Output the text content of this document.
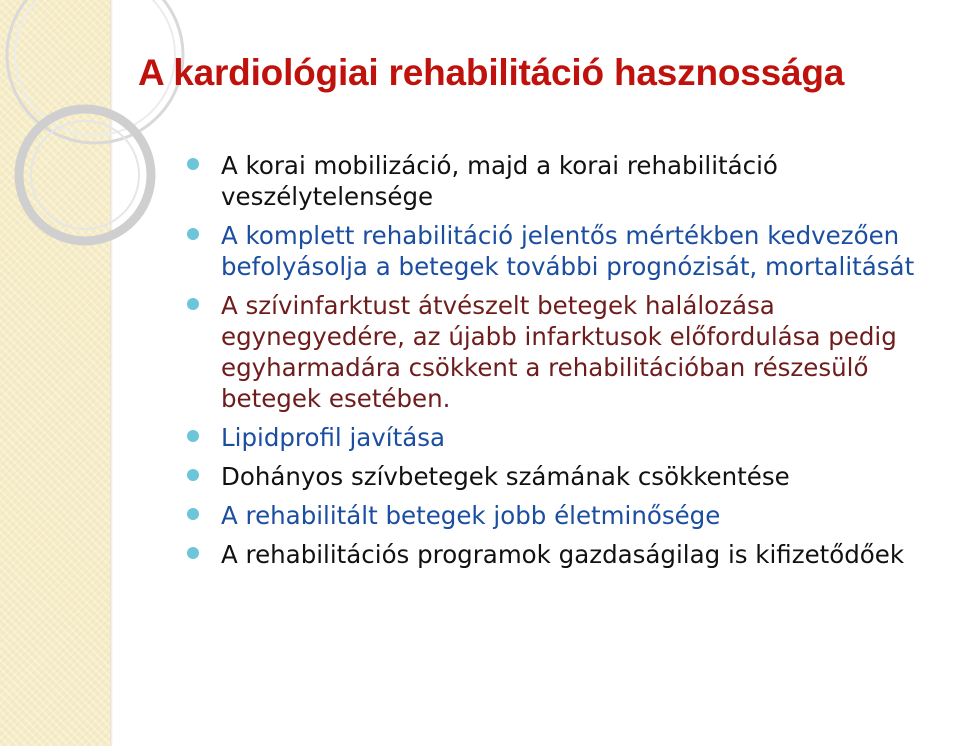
A kardiológiai rehabilitáció hasznossága
A korai mobilizáció, majd a korai rehabilitáció veszélytelensége
A komplett rehabilitáció jelentős mértékben kedvezően befolyásolja a betegek további prognózisát, mortalitását
A szívinfarktust átvészelt betegek halálozása egynegyedére, az újabb infarktusok előfordulása pedig egyharmadára csökkent a rehabilitációban részesülő betegek esetében.
Lipidprofil javítása
Dohányos szívbetegek számának csökkentése
A rehabilitált betegek jobb életminősége
A rehabilitációs programok gazdaságilag is kifizetődőek
